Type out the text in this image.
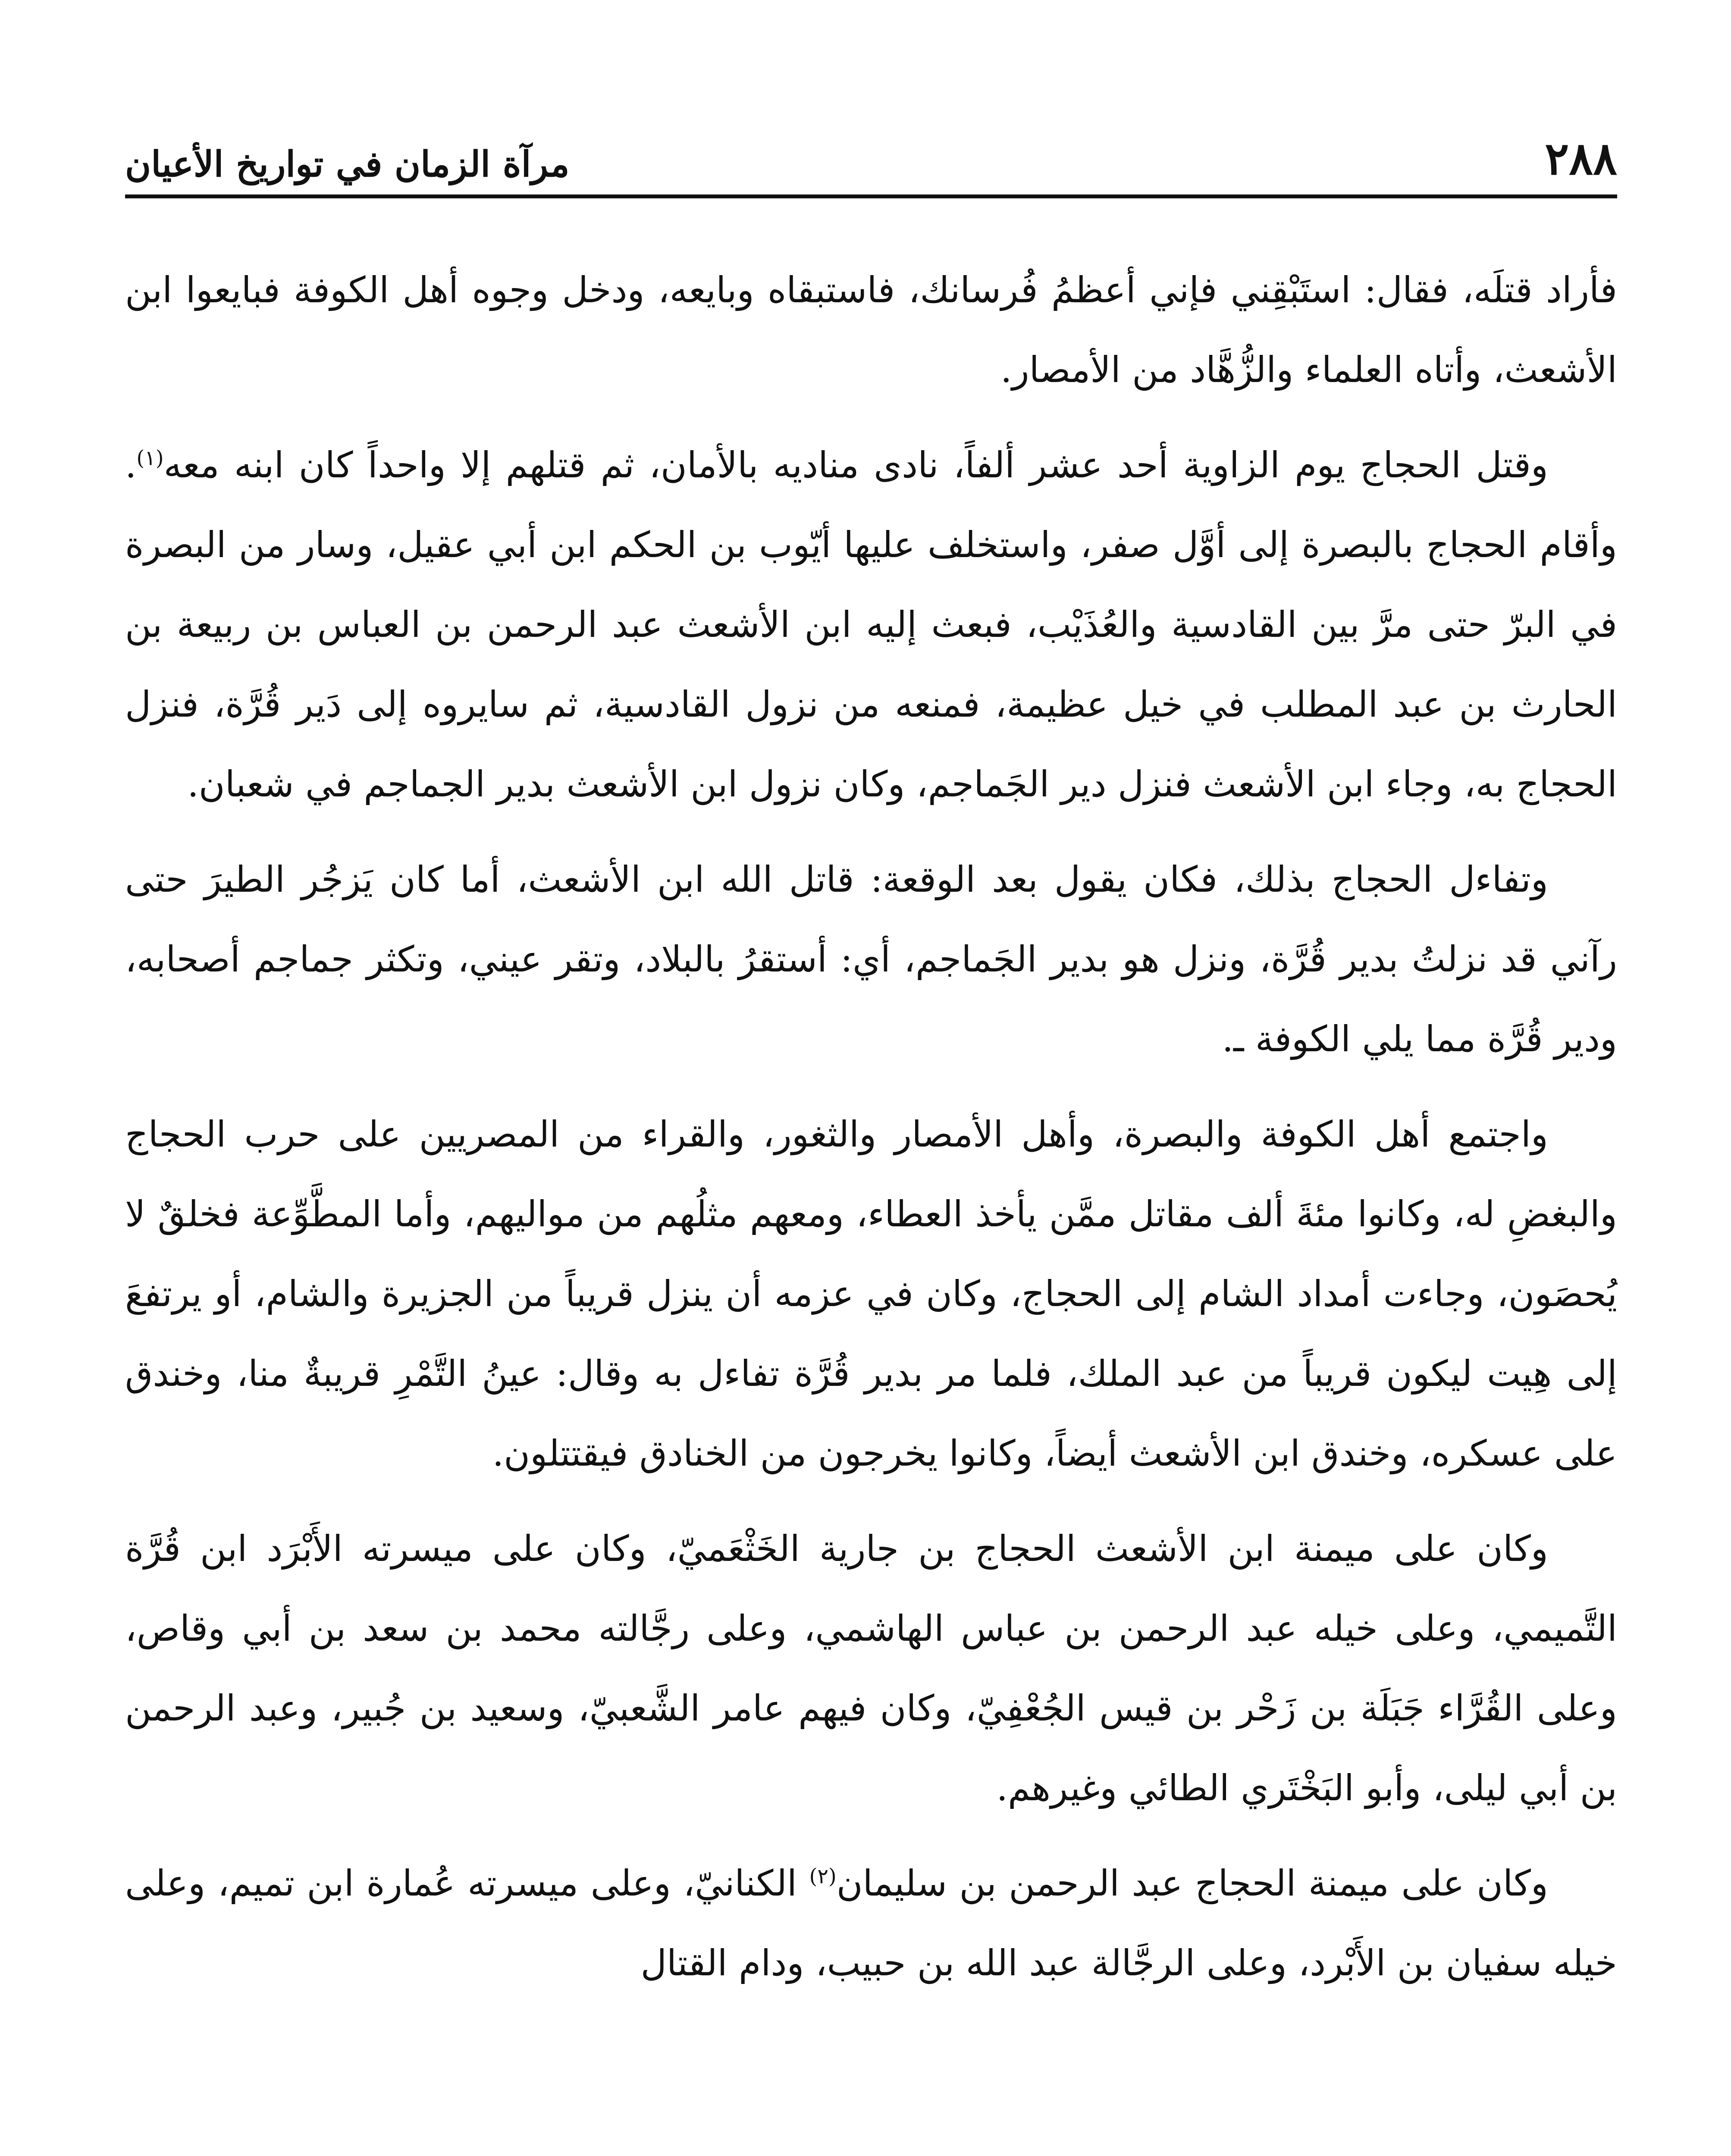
٢٨٨
مرآة الزمان في تواريخ الأعيان

فأراد قتلَه، فقال: استَبْقِني فإني أعظمُ فُرسانك، فاستبقاه وبايعه، ودخل وجوه أهل الكوفة فبايعوا ابن الأشعث، وأتاه العلماء والزُّهَّاد من الأمصار.

وقتل الحجاج يوم الزاوية أحد عشر ألفاً، نادى مناديه بالأمان، ثم قتلهم إلا واحداً كان ابنه معه$^{(١)}$. وأقام الحجاج بالبصرة إلى أوَّل صفر، واستخلف عليها أيّوب بن الحكم ابن أبي عقيل، وسار من البصرة في البرّ حتى مرَّ بين القادسية والعُذَيْب، فبعث إليه ابن الأشعث عبد الرحمن بن العباس بن ربيعة بن الحارث بن عبد المطلب في خيل عظيمة، فمنعه من نزول القادسية، ثم سايروه إلى دَير قُرَّة، فنزل الحجاج به، وجاء ابن الأشعث فنزل دير الجَماجم، وكان نزول ابن الأشعث بدير الجماجم في شعبان.

وتفاءل الحجاج بذلك، فكان يقول بعد الوقعة: قاتل الله ابن الأشعث، أما كان يَزجُر الطيرَ حتى رآني قد نزلتُ بدير قُرَّة، ونزل هو بدير الجَماجم، أي: أستقرُ بالبلاد، وتقر عيني، وتكثر جماجم أصحابه، ودير قُرَّة مما يلي الكوفة ـ.

واجتمع أهل الكوفة والبصرة، وأهل الأمصار والثغور، والقراء من المصريين على حرب الحجاج والبغضِ له، وكانوا مئةَ ألف مقاتل ممَّن يأخذ العطاء، ومعهم مثلُهم من مواليهم، وأما المطَّوِّعة فخلقٌ لا يُحصَون، وجاءت أمداد الشام إلى الحجاج، وكان في عزمه أن ينزل قريباً من الجزيرة والشام، أو يرتفعَ إلى هِيت ليكون قريباً من عبد الملك، فلما مر بدير قُرَّة تفاءل به وقال: عينُ التَّمْرِ قريبةٌ منا، وخندق على عسكره، وخندق ابن الأشعث أيضاً، وكانوا يخرجون من الخنادق فيقتتلون.

وكان على ميمنة ابن الأشعث الحجاج بن جارية الخَثْعَميّ، وكان على ميسرته الأَبْرَد ابن قُرَّة التَّميمي، وعلى خيله عبد الرحمن بن عباس الهاشمي، وعلى رجَّالته محمد بن سعد بن أبي وقاص، وعلى القُرَّاء جَبَلَة بن زَحْر بن قيس الجُعْفِيّ، وكان فيهم عامر الشَّعبيّ، وسعيد بن جُبير، وعبد الرحمن بن أبي ليلى، وأبو البَخْتَري الطائي وغيرهم.

وكان على ميمنة الحجاج عبد الرحمن بن سليمان$^{(٢)}$ الكنانيّ، وعلى ميسرته عُمارة ابن تميم، وعلى خيله سفيان بن الأَبْرد، وعلى الرجَّالة عبد الله بن حبيب، ودام القتال
